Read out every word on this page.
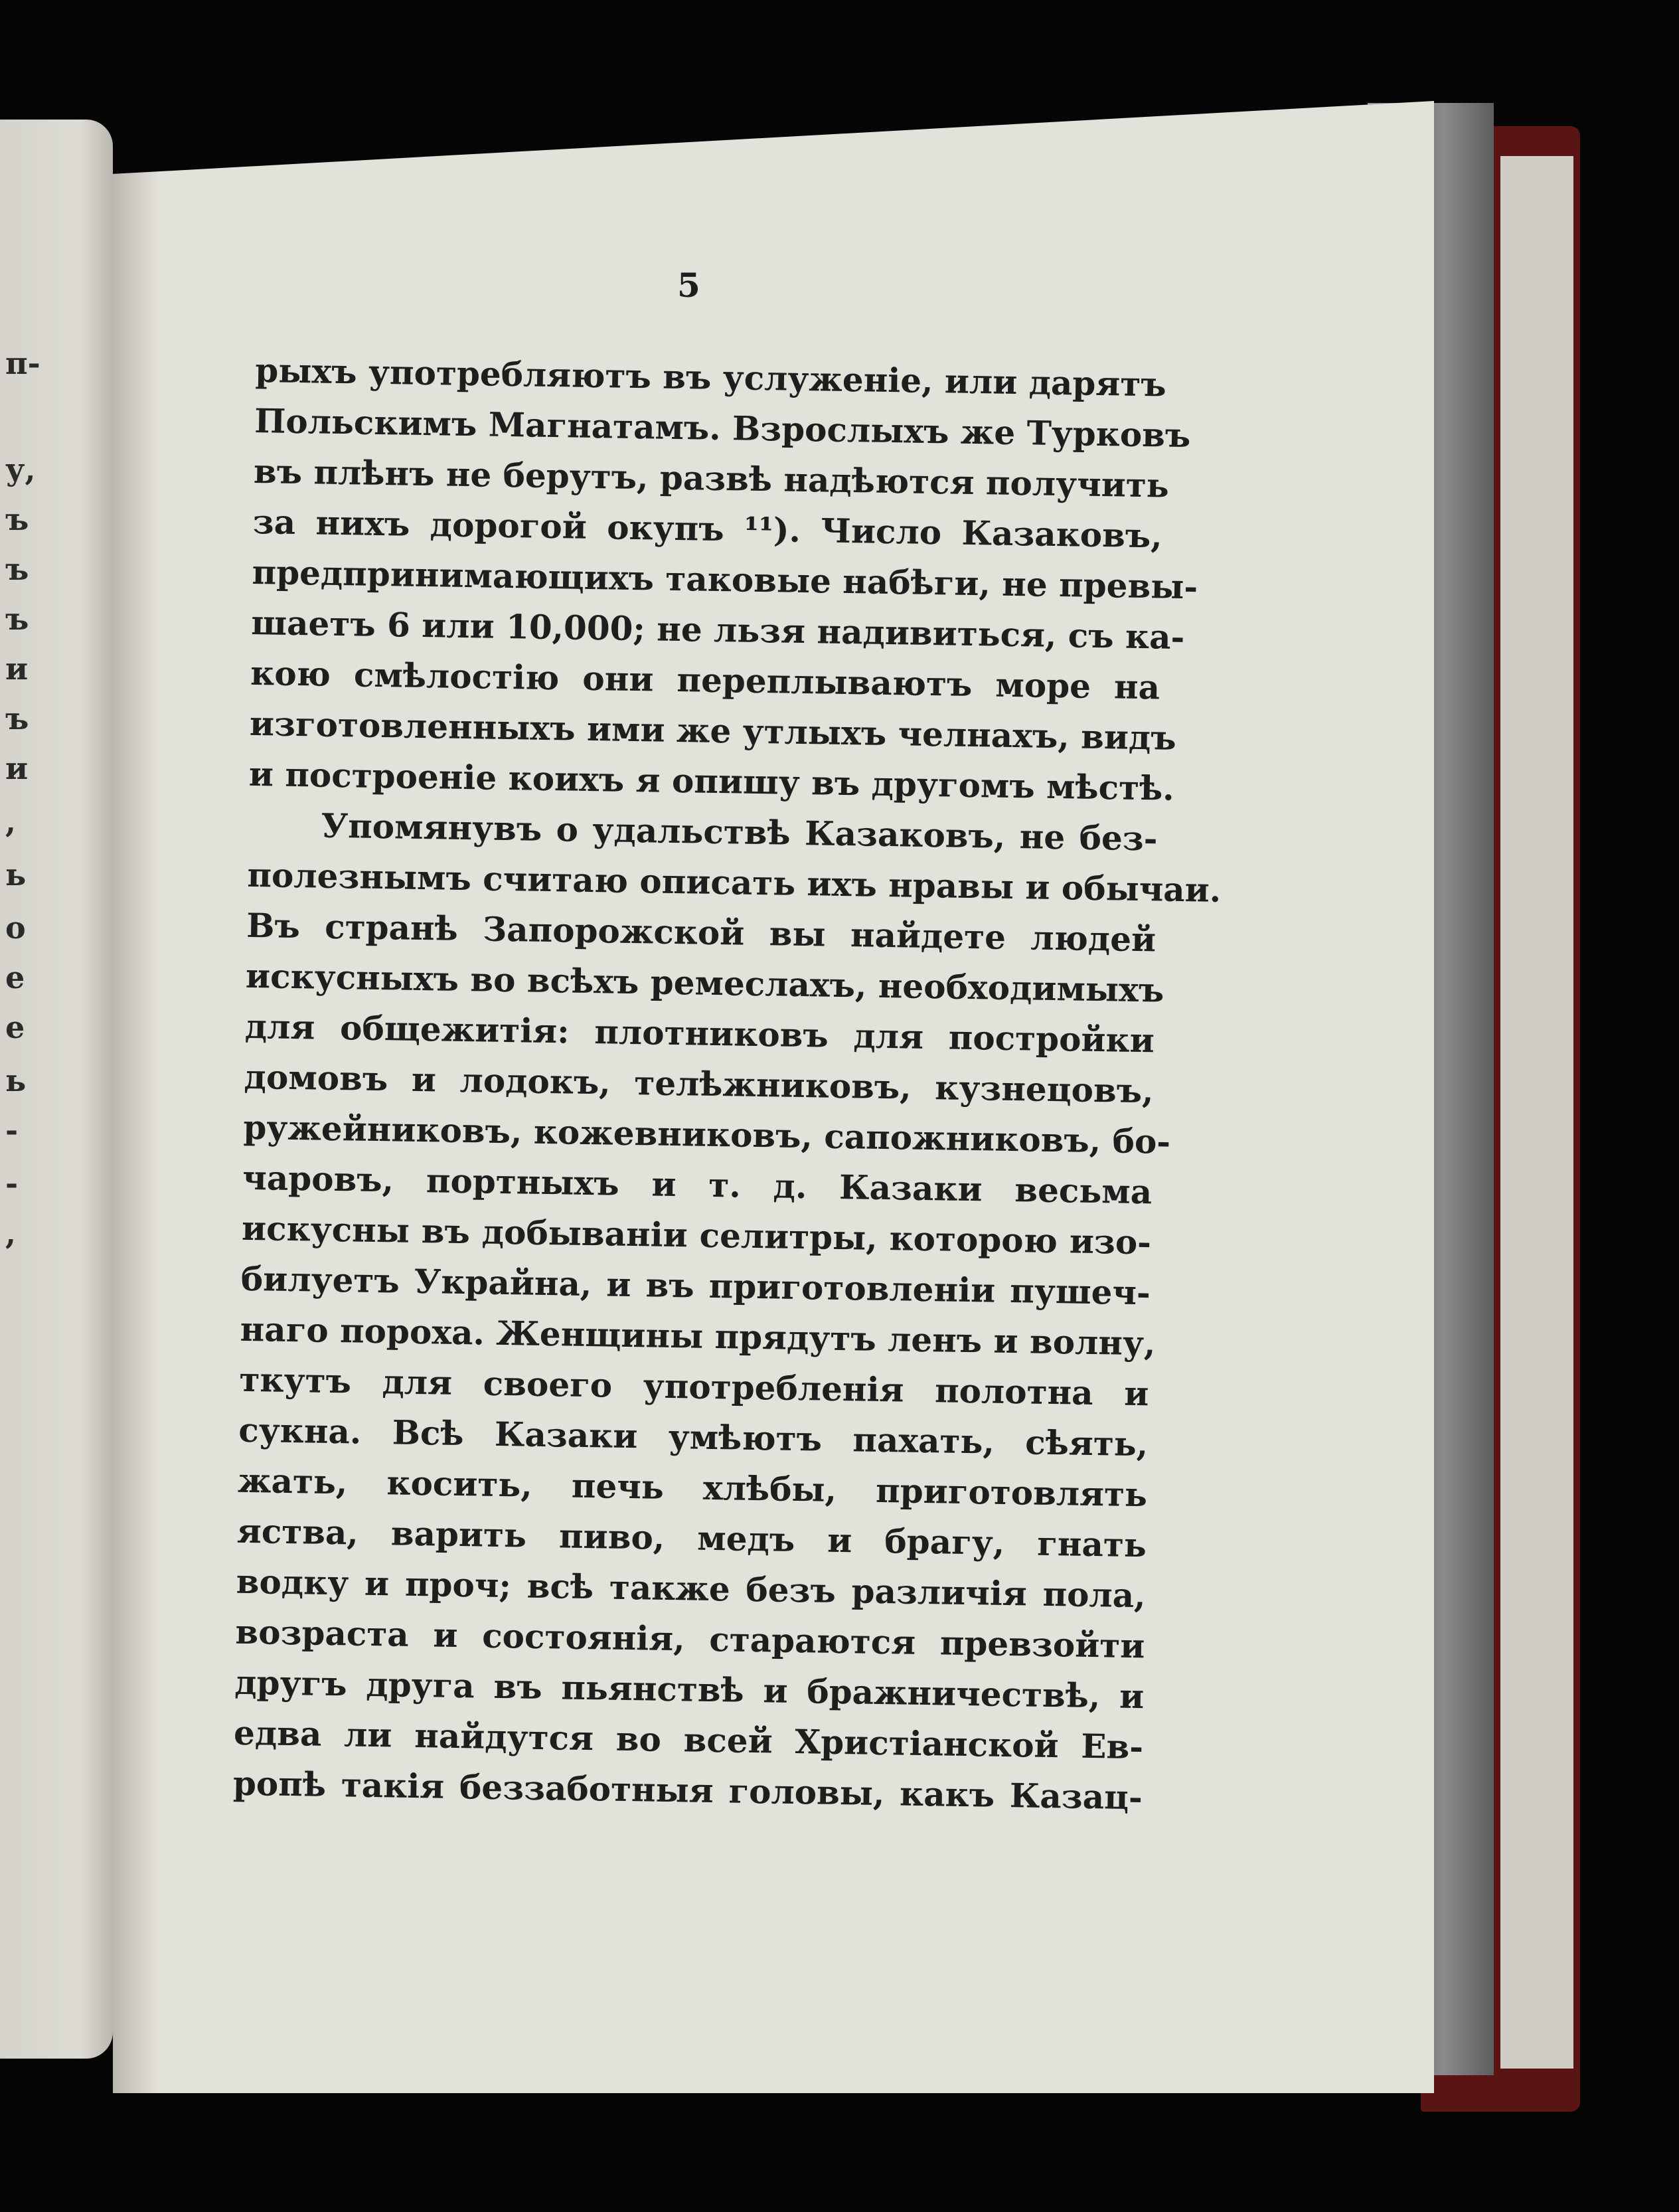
п-
у,
ъ
ъ
ъ
и
ъ
и
,
ь
о
е
е
ь
-
-
,
5
рыхъ употребляютъ въ услуженіе, или дарятъ
Польскимъ Магнатамъ. Взрослыхъ же Турковъ
въ плѣнъ не берутъ, развѣ надѣются получить
за нихъ дорогой окупъ ¹¹). Число Казаковъ,
предпринимающихъ таковые набѣги, не превы-
шаетъ 6 или 10,000; не льзя надивиться, съ ка-
кою смѣлостію они переплываютъ море на
изготовленныхъ ими же утлыхъ челнахъ, видъ
и построеніе коихъ я опишу въ другомъ мѣстѣ.
Упомянувъ о удальствѣ Казаковъ, не без-
полезнымъ считаю описать ихъ нравы и обычаи.
Въ странѣ Запорожской вы найдете людей
искусныхъ во всѣхъ ремеслахъ, необходимыхъ
для общежитія: плотниковъ для постройки
домовъ и лодокъ, телѣжниковъ, кузнецовъ,
ружейниковъ, кожевниковъ, сапожниковъ, бо-
чаровъ, портныхъ и т. д. Казаки весьма
искусны въ добываніи селитры, которою изо-
билуетъ Украйна, и въ приготовленіи пушеч-
наго пороха. Женщины прядутъ ленъ и волну,
ткутъ для своего употребленія полотна и
сукна. Всѣ Казаки умѣютъ пахать, сѣять,
жать, косить, печь хлѣбы, приготовлять
яства, варить пиво, медъ и брагу, гнать
водку и проч; всѣ также безъ различія пола,
возраста и состоянія, стараются превзойти
другъ друга въ пьянствѣ и бражничествѣ, и
едва ли найдутся во всей Христіанской Ев-
ропѣ такія беззаботныя головы, какъ Казац-
